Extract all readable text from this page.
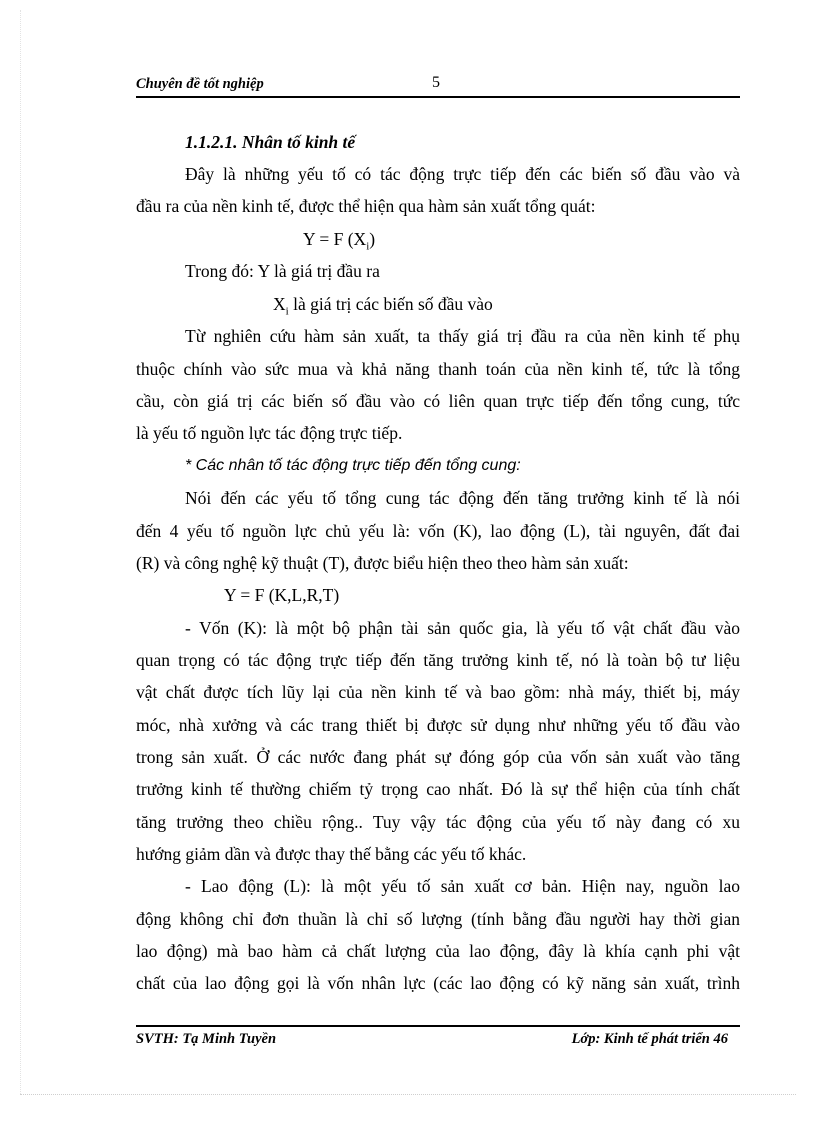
Chuyên đề tốt nghiệp	5
1.1.2.1. Nhân tố kinh tế
Đây là những yếu tố có tác động trực tiếp đến các biến số đầu vào và
đầu ra của nền kinh tế, được thể hiện qua hàm sản xuất tổng quát:
Y = F $(X_i)$
Trong đó: Y là giá trị đầu ra
$X_i$ là giá trị các biến số đầu vào
Từ nghiên cứu hàm sản xuất, ta thấy giá trị đầu ra của nền kinh tế phụ
thuộc chính vào sức mua và khả năng thanh toán của nền kinh tế, tức là tổng
cầu, còn giá trị các biến số đầu vào có liên quan trực tiếp đến tổng cung, tức
là yếu tố nguồn lực tác động trực tiếp.
* Các nhân tố tác động trực tiếp đến tổng cung:
Nói đến các yếu tố tổng cung tác động đến tăng trưởng kinh tế là nói
đến 4 yếu tố nguồn lực chủ yếu là: vốn (K), lao động (L), tài nguyên, đất đai
(R) và công nghệ kỹ thuật (T), được biểu hiện theo theo hàm sản xuất:
Y = F (K,L,R,T)
- Vốn (K): là một bộ phận tài sản quốc gia, là yếu tố vật chất đầu vào
quan trọng có tác động trực tiếp đến tăng trưởng kinh tế, nó là toàn bộ tư liệu
vật chất được tích lũy lại của nền kinh tế và bao gồm: nhà máy, thiết bị, máy
móc, nhà xưởng và các trang thiết bị được sử dụng như những yếu tố đầu vào
trong sản xuất. Ở các nước đang phát sự đóng góp của vốn sản xuất vào tăng
trưởng kinh tế thường chiếm tỷ trọng cao nhất. Đó là sự thể hiện của tính chất
tăng trưởng theo chiều rộng.. Tuy vậy tác động của yếu tố này đang có xu
hướng giảm dần và được thay thế bằng các yếu tố khác.
- Lao động (L): là một yếu tố sản xuất cơ bản. Hiện nay, nguồn lao
động không chỉ đơn thuần là chỉ số lượng (tính bằng đầu người hay thời gian
lao động) mà bao hàm cả chất lượng của lao động, đây là khía cạnh phi vật
chất của lao động gọi là vốn nhân lực (các lao động có kỹ năng sản xuất, trình
SVTH: Tạ Minh Tuyền	Lớp: Kinh tế phát triển 46
